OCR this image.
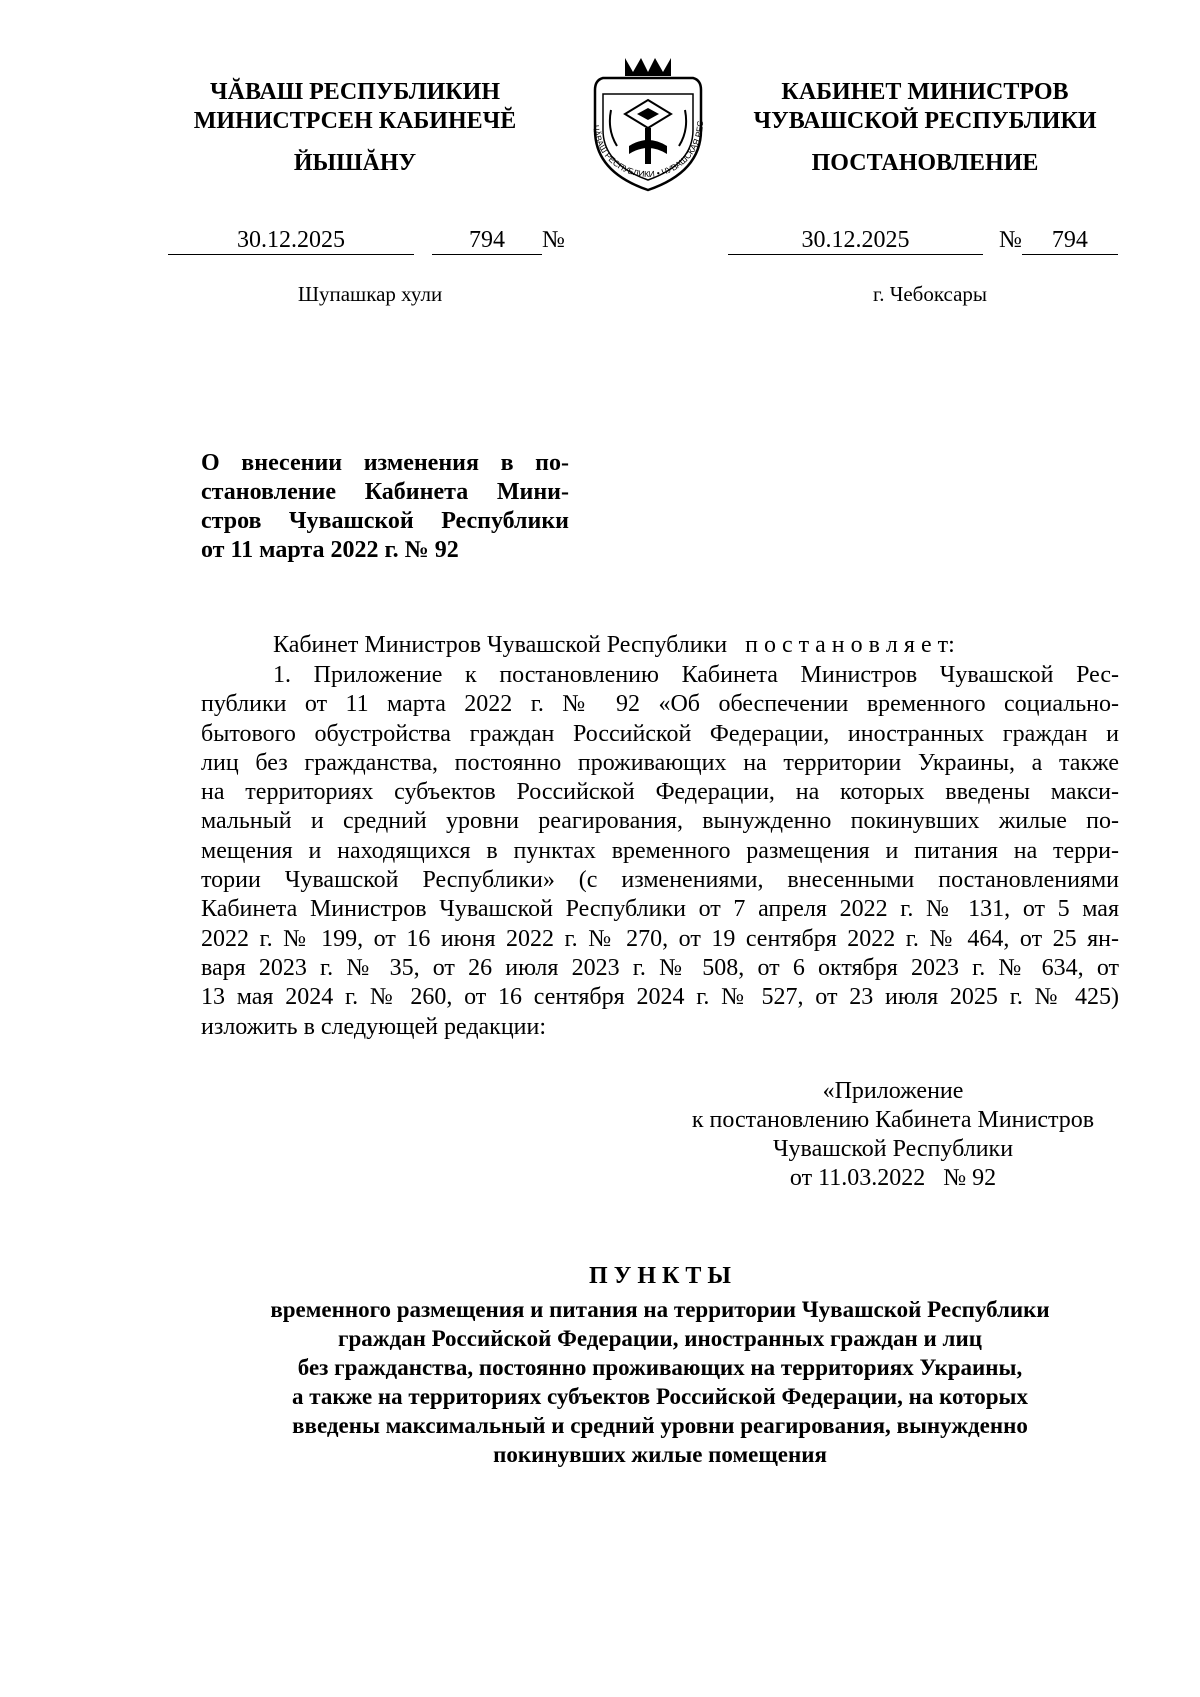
ЧĂВАШ РЕСПУБЛИКИН
МИНИСТРСЕН КАБИНЕЧĔ
ЙЫШĂНУ
ЧĂВАШ РЕСПУБЛИКИ • ЧУВАШСКАЯ РЕС
КАБИНЕТ МИНИСТРОВ
ЧУВАШСКОЙ РЕСПУБЛИКИ
ПОСТАНОВЛЕНИЕ
30.12.2025	794 №	30.12.2025	№ 794
Шупашкар хули	г. Чебоксары
О внесении изменения в по-
становление Кабинета Мини-
стров Чувашской Республики
от 11 марта 2022 г. № 92
Кабинет Министров Чувашской Республики п о с т а н о в л я е т:
1. Приложение к постановлению Кабинета Министров Чувашской Рес-
публики от 11 марта 2022 г. № 92 «Об обеспечении временного социально-
бытового обустройства граждан Российской Федерации, иностранных граждан и
лиц без гражданства, постоянно проживающих на территории Украины, а также
на территориях субъектов Российской Федерации, на которых введены макси-
мальный и средний уровни реагирования, вынужденно покинувших жилые по-
мещения и находящихся в пунктах временного размещения и питания на терри-
тории Чувашской Республики» (с изменениями, внесенными постановлениями
Кабинета Министров Чувашской Республики от 7 апреля 2022 г. № 131, от 5 мая
2022 г. № 199, от 16 июня 2022 г. № 270, от 19 сентября 2022 г. № 464, от 25 ян-
варя 2023 г. № 35, от 26 июля 2023 г. № 508, от 6 октября 2023 г. № 634, от
13 мая 2024 г. № 260, от 16 сентября 2024 г. № 527, от 23 июля 2025 г. № 425)
изложить в следующей редакции:
«Приложение
к постановлению Кабинета Министров
Чувашской Республики
от 11.03.2022   № 92
П У Н К Т Ы
временного размещения и питания на территории Чувашской Республики
граждан Российской Федерации, иностранных граждан и лиц
без гражданства, постоянно проживающих на территориях Украины,
а также на территориях субъектов Российской Федерации, на которых
введены максимальный и средний уровни реагирования, вынужденно
покинувших жилые помещения
